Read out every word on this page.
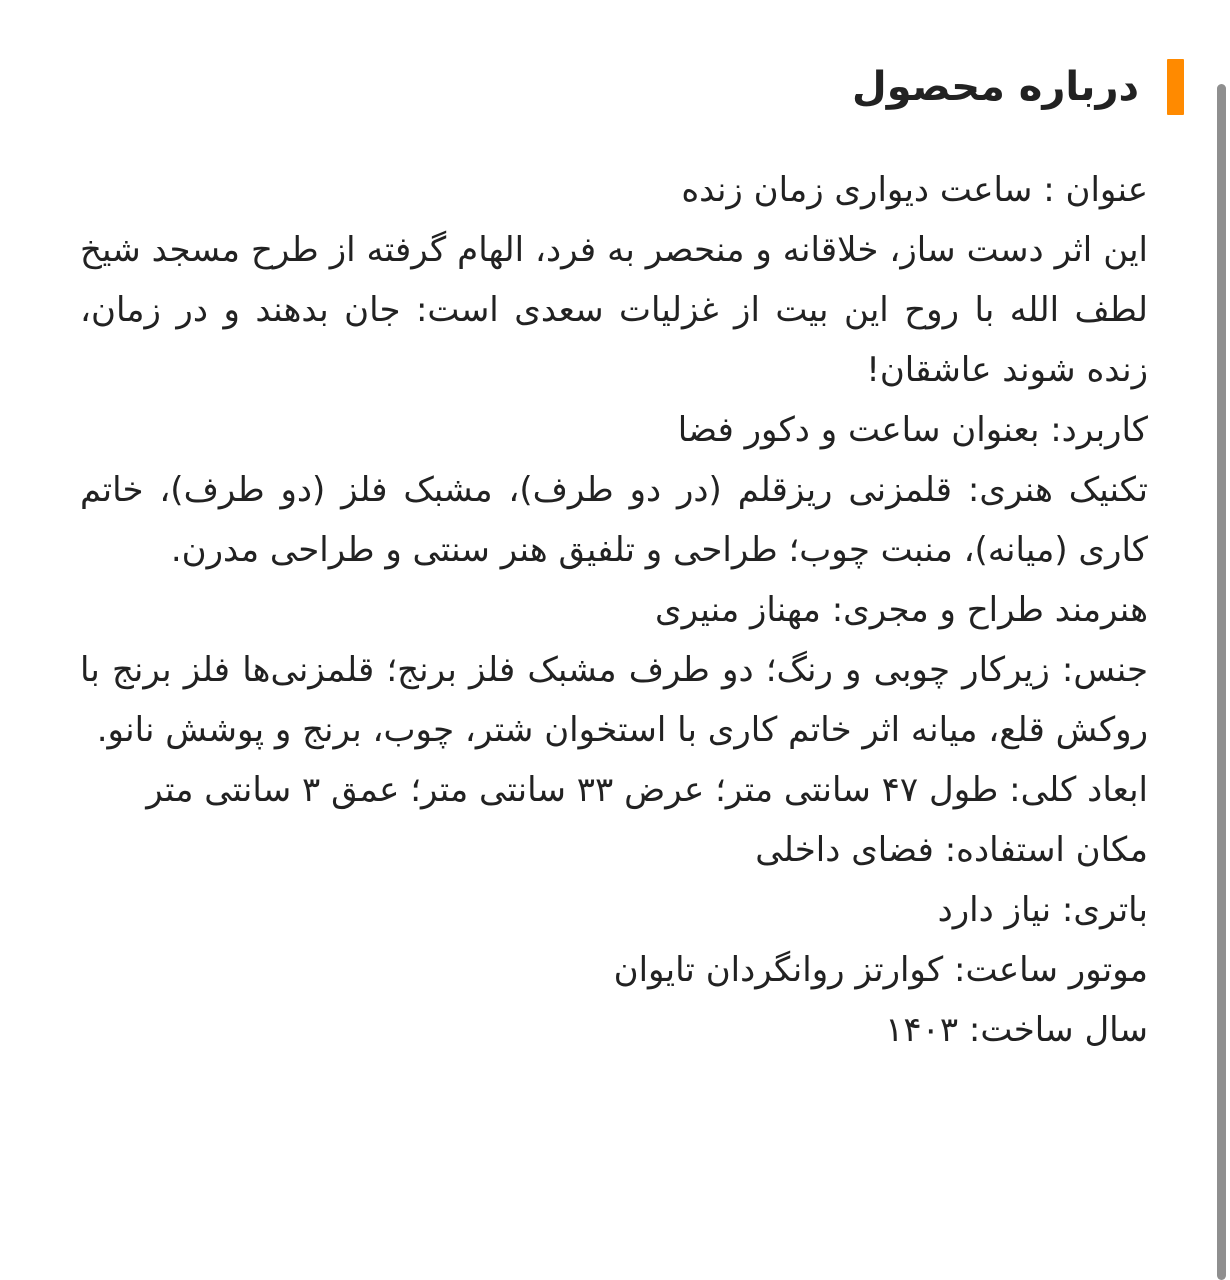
درباره محصول

عنوان : ساعت دیواری زمان زنده

این اثر دست ساز، خلاقانه و منحصر به فرد، الهام گرفته از طرح مسجد شیخ لطف الله با روح این بیت از غزلیات سعدی است: جان بدهند و در زمان، زنده شوند عاشقان!

کاربرد: بعنوان ساعت و دکور فضا

تکنیک هنری: قلمزنی ریزقلم (در دو طرف)، مشبک فلز (دو طرف)، خاتم کاری (میانه)، منبت چوب؛ طراحی و تلفیق هنر سنتی و طراحی مدرن.

هنرمند طراح و مجری: مهناز منیری

جنس: زیرکار چوبی و رنگ؛ دو طرف مشبک فلز برنج؛ قلمزنی‌ها فلز برنج با روکش قلع، میانه اثر خاتم کاری با استخوان شتر، چوب، برنج و پوشش نانو.

ابعاد کلی: طول ۴۷ سانتی متر؛ عرض ۳۳ سانتی متر؛ عمق ۳ سانتی متر

مکان استفاده: فضای داخلی

باتری: نیاز دارد

موتور ساعت: کوارتز روانگردان تایوان

سال ساخت: ۱۴۰۳
